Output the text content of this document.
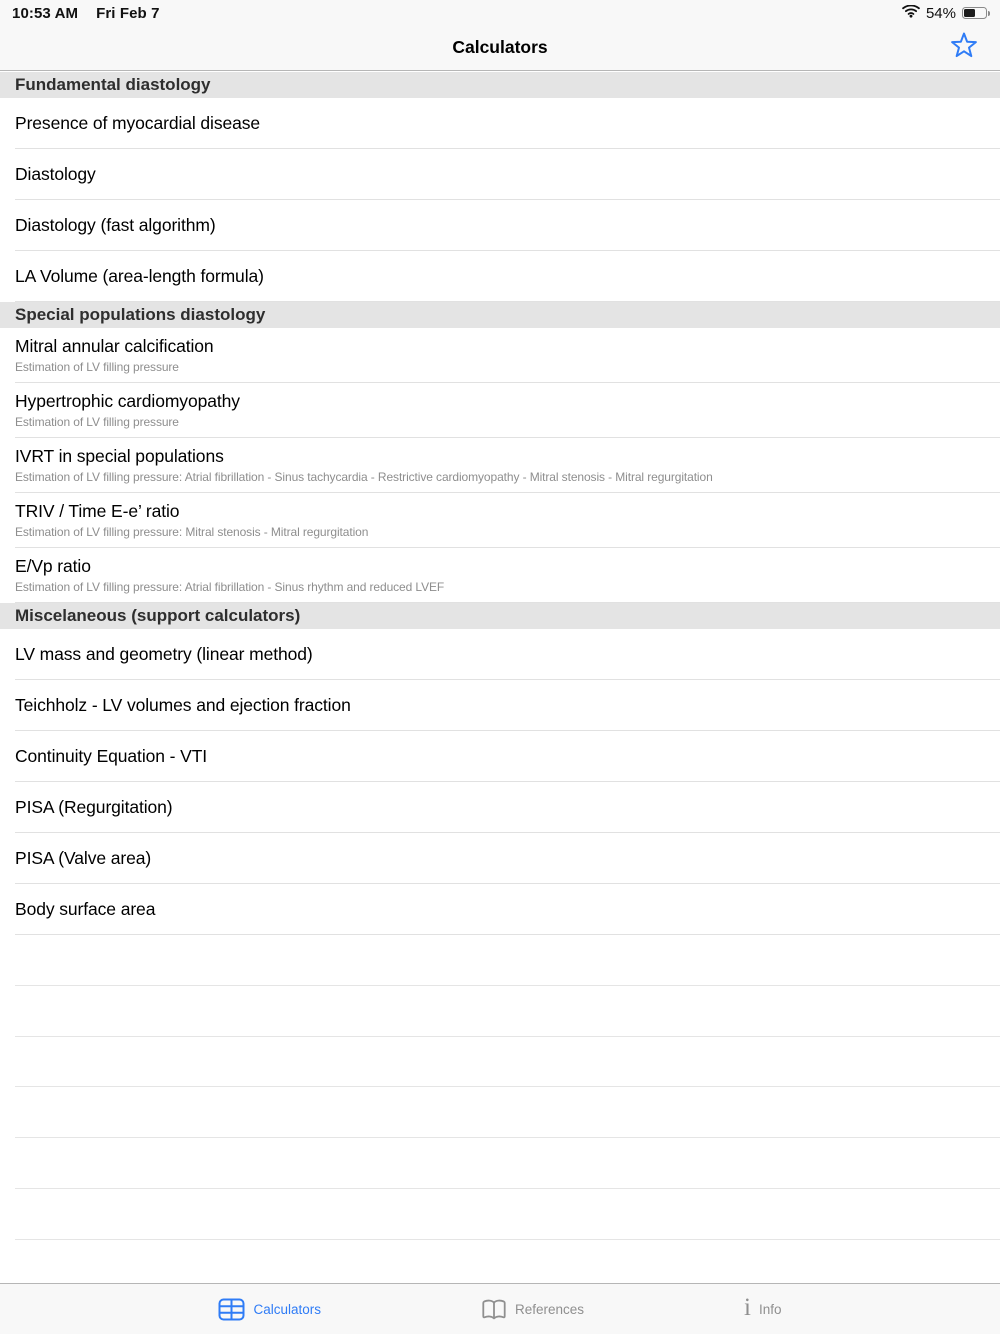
10:53 AM Fri Feb 7	54%
Calculators
Fundamental diastology
Presence of myocardial disease
Diastology
Diastology (fast algorithm)
LA Volume (area-length formula)
Special populations diastology
Mitral annular calcification
Estimation of LV filling pressure
Hypertrophic cardiomyopathy
Estimation of LV filling pressure
IVRT in special populations
Estimation of LV filling pressure: Atrial fibrillation - Sinus tachycardia - Restrictive cardiomyopathy - Mitral stenosis - Mitral regurgitation
TRIV / Time E-e’ ratio
Estimation of LV filling pressure: Mitral stenosis - Mitral regurgitation
E/Vp ratio
Estimation of LV filling pressure: Atrial fibrillation - Sinus rhythm and reduced LVEF
Miscelaneous (support calculators)
LV mass and geometry (linear method)
Teichholz - LV volumes and ejection fraction
Continuity Equation - VTI
PISA (Regurgitation)
PISA (Valve area)
Body surface area
Calculators	References	i Info
